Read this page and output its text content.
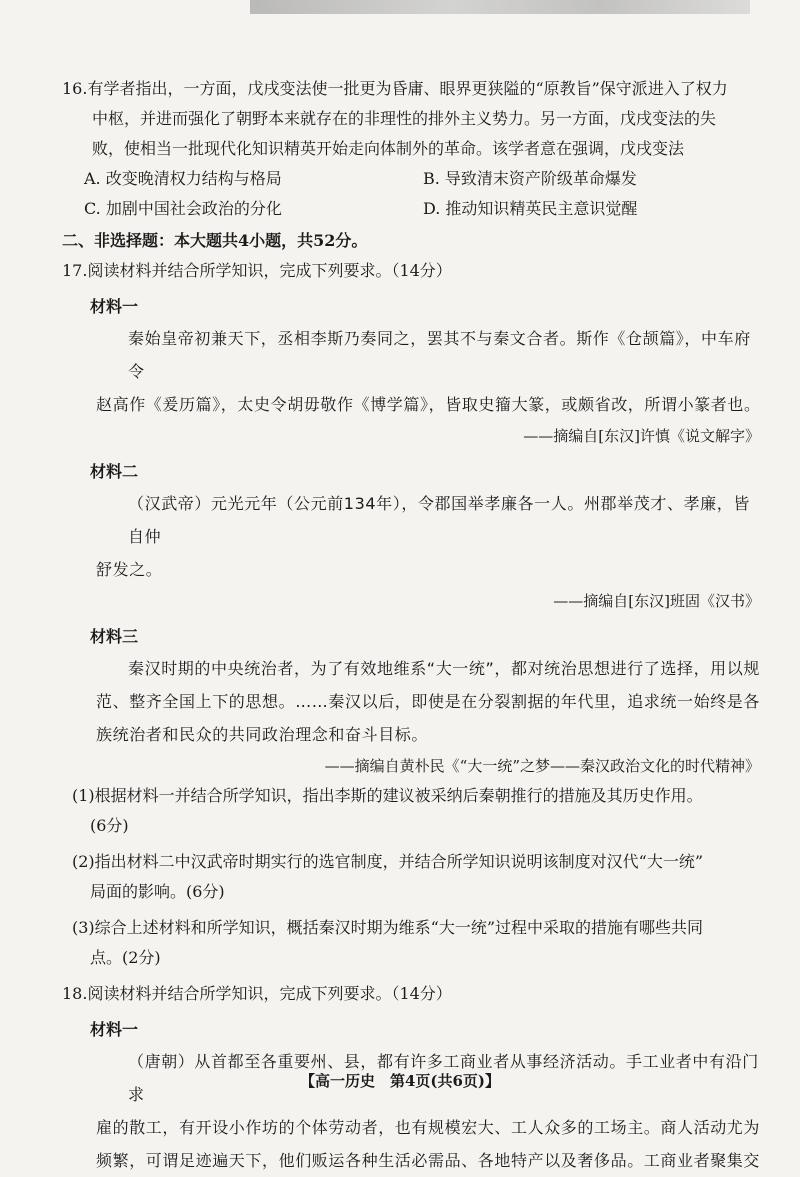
16.有学者指出，一方面，戊戌变法使一批更为昏庸、眼界更狭隘的“原教旨”保守派进入了权力
中枢，并进而强化了朝野本来就存在的非理性的排外主义势力。另一方面，戊戌变法的失
败，使相当一批现代化知识精英开始走向体制外的革命。该学者意在强调，戊戌变法
A. 改变晚清权力结构与格局	B. 导致清末资产阶级革命爆发
C. 加剧中国社会政治的分化	D. 推动知识精英民主意识觉醒
二、非选择题：本大题共4小题，共52分。
17.阅读材料并结合所学知识，完成下列要求。（14分）
材料一
秦始皇帝初兼天下，丞相李斯乃奏同之，罢其不与秦文合者。斯作《仓颉篇》，中车府令
赵高作《爰历篇》，太史令胡毋敬作《博学篇》，皆取史籀大篆，或颇省改，所谓小篆者也。
——摘编自[东汉]许慎《说文解字》
材料二
（汉武帝）元光元年（公元前134年），令郡国举孝廉各一人。州郡举茂才、孝廉，皆自仲
舒发之。
——摘编自[东汉]班固《汉书》
材料三
秦汉时期的中央统治者，为了有效地维系“大一统”，都对统治思想进行了选择，用以规
范、整齐全国上下的思想。……秦汉以后，即使是在分裂割据的年代里，追求统一始终是各
族统治者和民众的共同政治理念和奋斗目标。
——摘编自黄朴民《“大一统”之梦——秦汉政治文化的时代精神》
(1)根据材料一并结合所学知识，指出李斯的建议被采纳后秦朝推行的措施及其历史作用。
(6分)
(2)指出材料二中汉武帝时期实行的选官制度，并结合所学知识说明该制度对汉代“大一统”
局面的影响。(6分)
(3)综合上述材料和所学知识，概括秦汉时期为维系“大一统”过程中采取的措施有哪些共同
点。(2分)
18.阅读材料并结合所学知识，完成下列要求。（14分）
材料一
（唐朝）从首都至各重要州、县，都有许多工商业者从事经济活动。手工业者中有沿门求
雇的散工，有开设小作坊的个体劳动者，也有规模宏大、工人众多的工场主。商人活动尤为
频繁，可谓足迹遍天下，他们贩运各种生活必需品、各地特产以及奢侈品。工商业者聚集交
【高一历史　第4页(共6页)】
